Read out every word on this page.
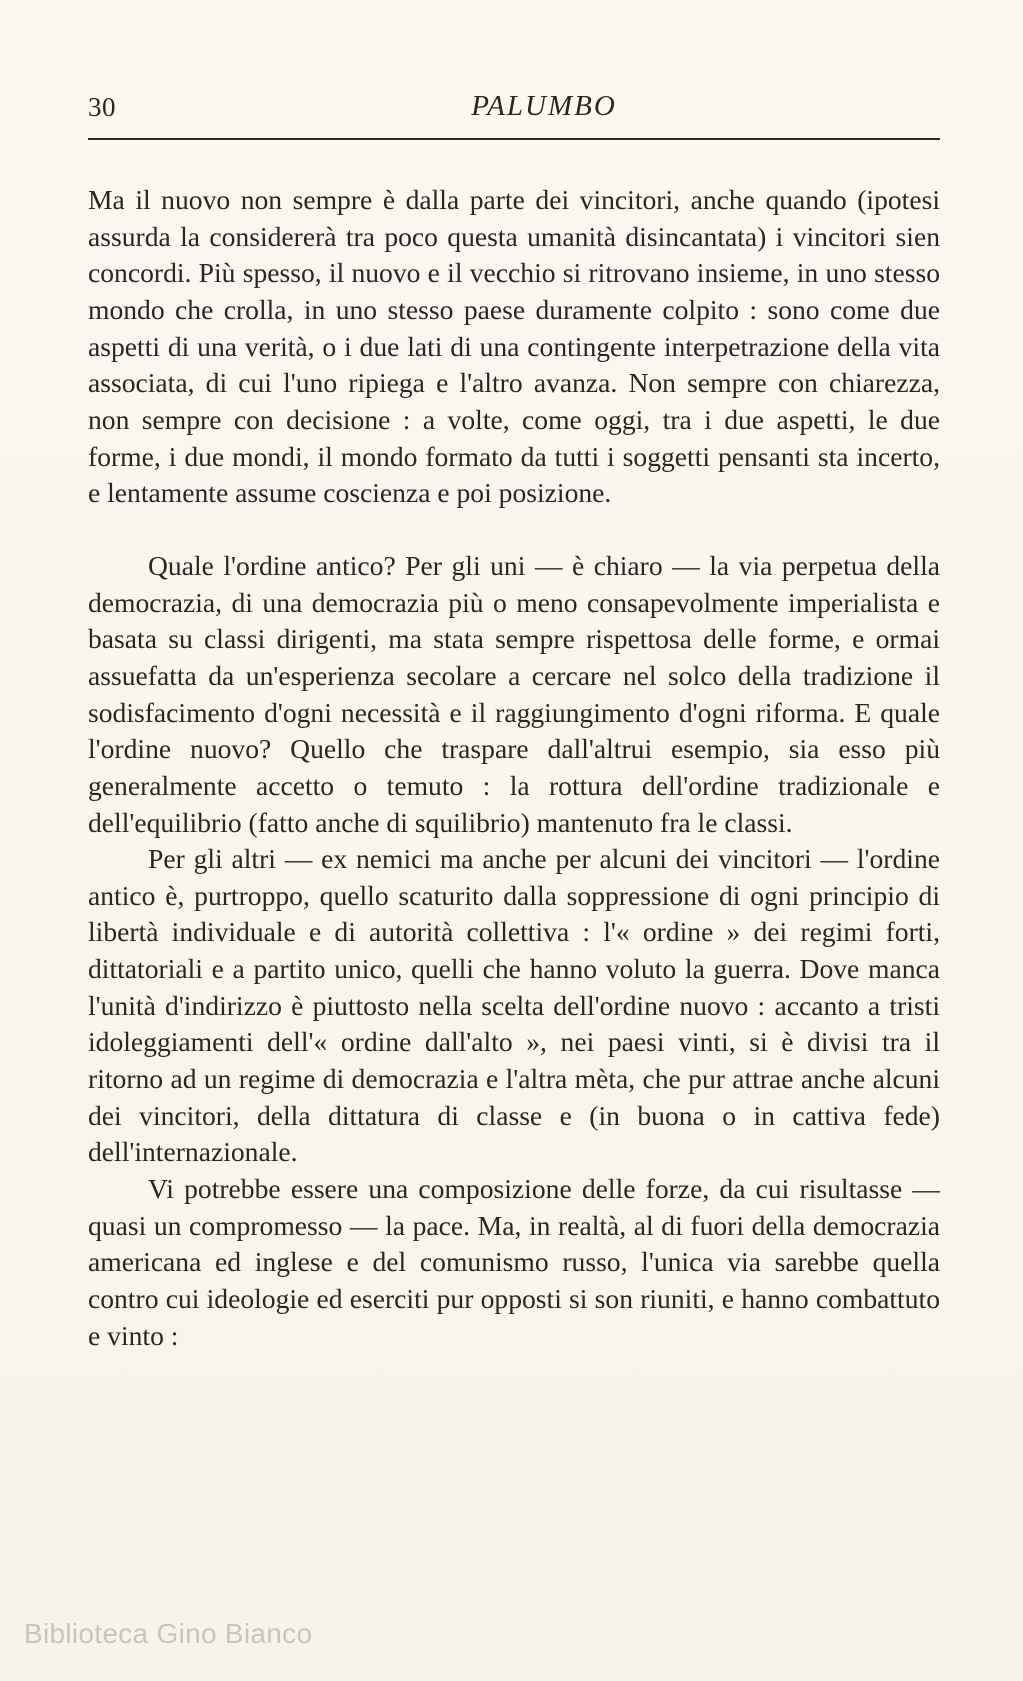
30	PALUMBO

Ma il nuovo non sempre è dalla parte dei vincitori, anche quando (ipotesi assurda la considererà tra poco questa umanità disincantata) i vincitori sien concordi. Più spesso, il nuovo e il vecchio si ritrovano insieme, in uno stesso mondo che crolla, in uno stesso paese duramente colpito : sono come due aspetti di una verità, o i due lati di una contingente interpetrazione della vita associata, di cui l'uno ripiega e l'altro avanza. Non sempre con chiarezza, non sempre con decisione : a volte, come oggi, tra i due aspetti, le due forme, i due mondi, il mondo formato da tutti i soggetti pensanti sta incerto, e lentamente assume coscienza e poi posizione.

Quale l'ordine antico? Per gli uni — è chiaro — la via perpetua della democrazia, di una democrazia più o meno consapevolmente imperialista e basata su classi dirigenti, ma stata sempre rispettosa delle forme, e ormai assuefatta da un'esperienza secolare a cercare nel solco della tradizione il sodisfacimento d'ogni necessità e il raggiungimento d'ogni riforma. E quale l'ordine nuovo? Quello che traspare dall'altrui esempio, sia esso più generalmente accetto o temuto : la rottura dell'ordine tradizionale e dell'equilibrio (fatto anche di squilibrio) mantenuto fra le classi.

Per gli altri — ex nemici ma anche per alcuni dei vincitori — l'ordine antico è, purtroppo, quello scaturito dalla soppressione di ogni principio di libertà individuale e di autorità collettiva : l'« ordine » dei regimi forti, dittatoriali e a partito unico, quelli che hanno voluto la guerra. Dove manca l'unità d'indirizzo è piuttosto nella scelta dell'ordine nuovo : accanto a tristi idoleggiamenti dell'« ordine dall'alto », nei paesi vinti, si è divisi tra il ritorno ad un regime di democrazia e l'altra mèta, che pur attrae anche alcuni dei vincitori, della dittatura di classe e (in buona o in cattiva fede) dell'internazionale.

Vi potrebbe essere una composizione delle forze, da cui risultasse — quasi un compromesso — la pace. Ma, in realtà, al di fuori della democrazia americana ed inglese e del comunismo russo, l'unica via sarebbe quella contro cui ideologie ed eserciti pur opposti si son riuniti, e hanno combattuto e vinto :

Biblioteca Gino Bianco
